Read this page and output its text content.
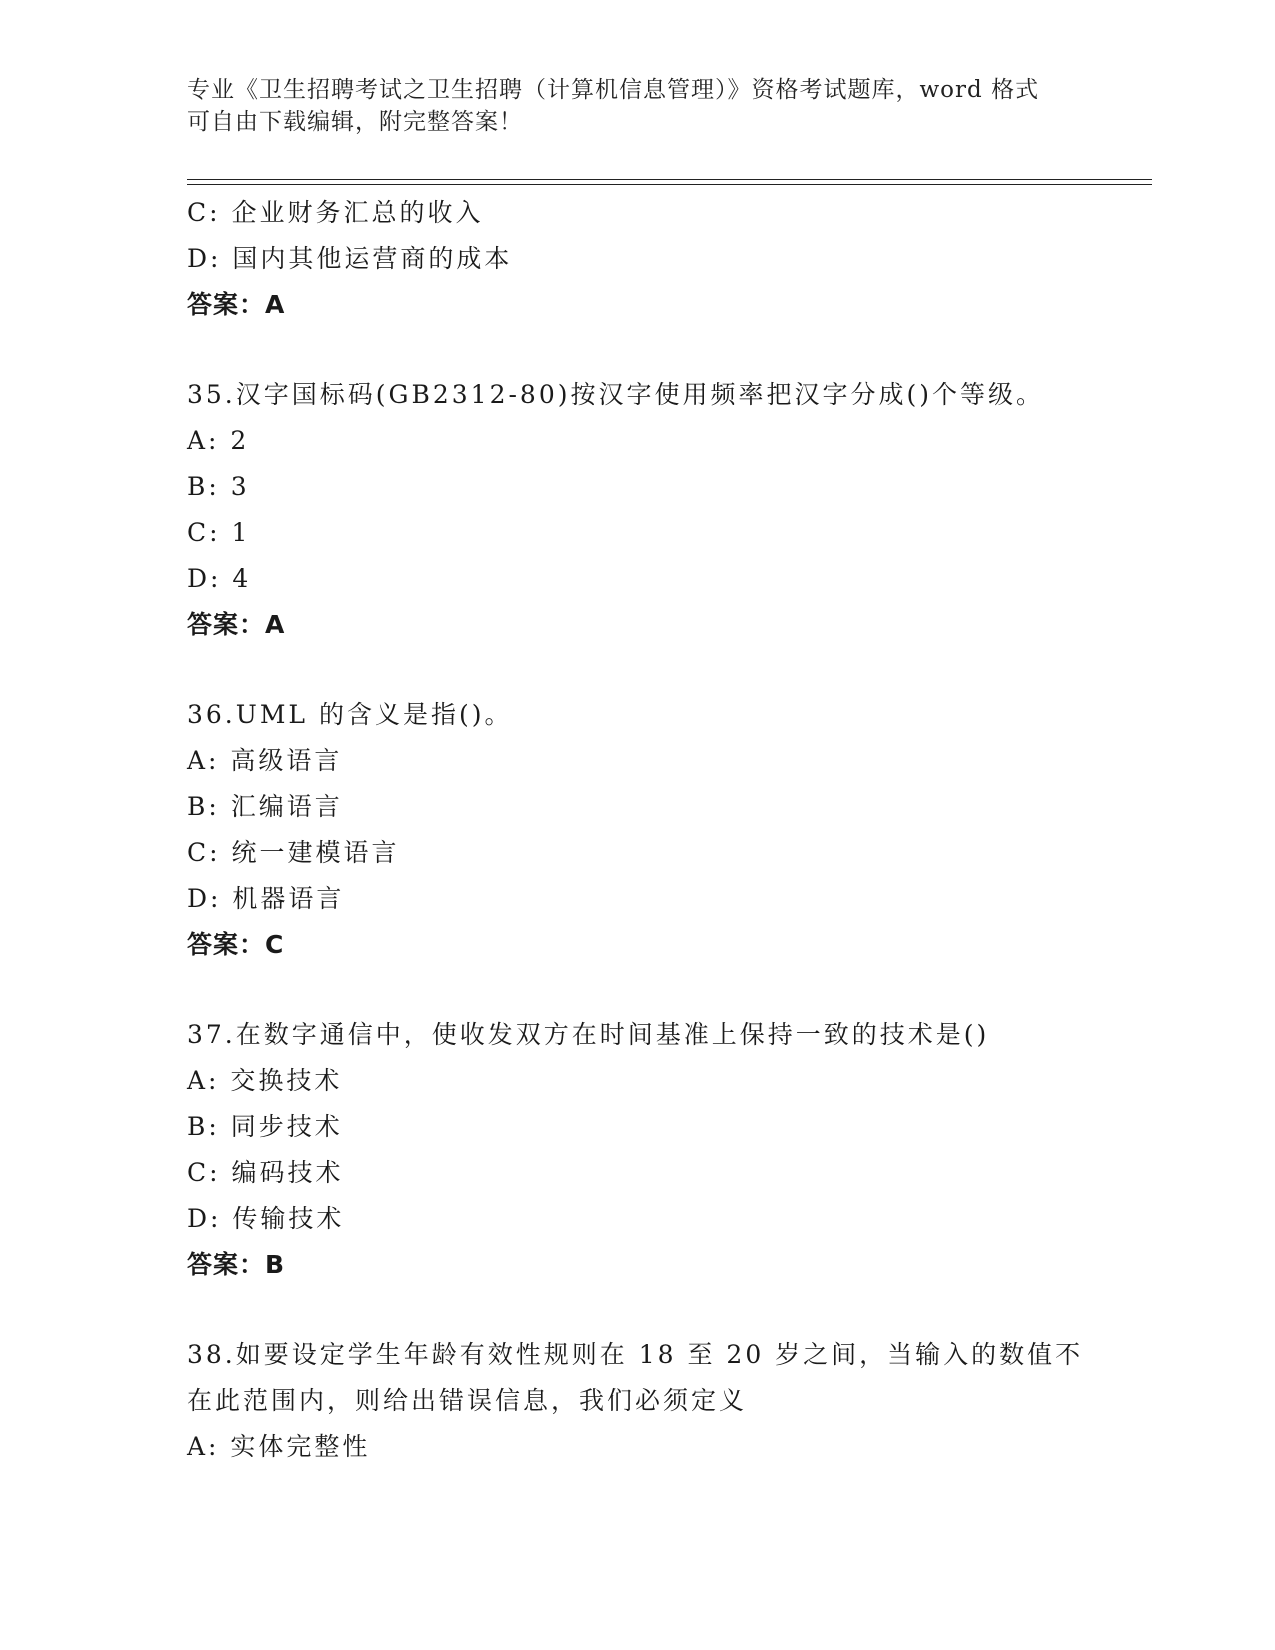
专业《卫生招聘考试之卫生招聘（计算机信息管理）》资格考试题库，word 格式
可自由下载编辑，附完整答案！
C: 企业财务汇总的收入
D: 国内其他运营商的成本
答案：A
35.汉字国标码(GB2312-80)按汉字使用频率把汉字分成()个等级。
A: 2
B: 3
C: 1
D: 4
答案：A
36.UML 的含义是指()。
A: 高级语言
B: 汇编语言
C: 统一建模语言
D: 机器语言
答案：C
37.在数字通信中，使收发双方在时间基准上保持一致的技术是()
A: 交换技术
B: 同步技术
C: 编码技术
D: 传输技术
答案：B
38.如要设定学生年龄有效性规则在 18 至 20 岁之间，当输入的数值不
在此范围内，则给出错误信息，我们必须定义
A: 实体完整性
